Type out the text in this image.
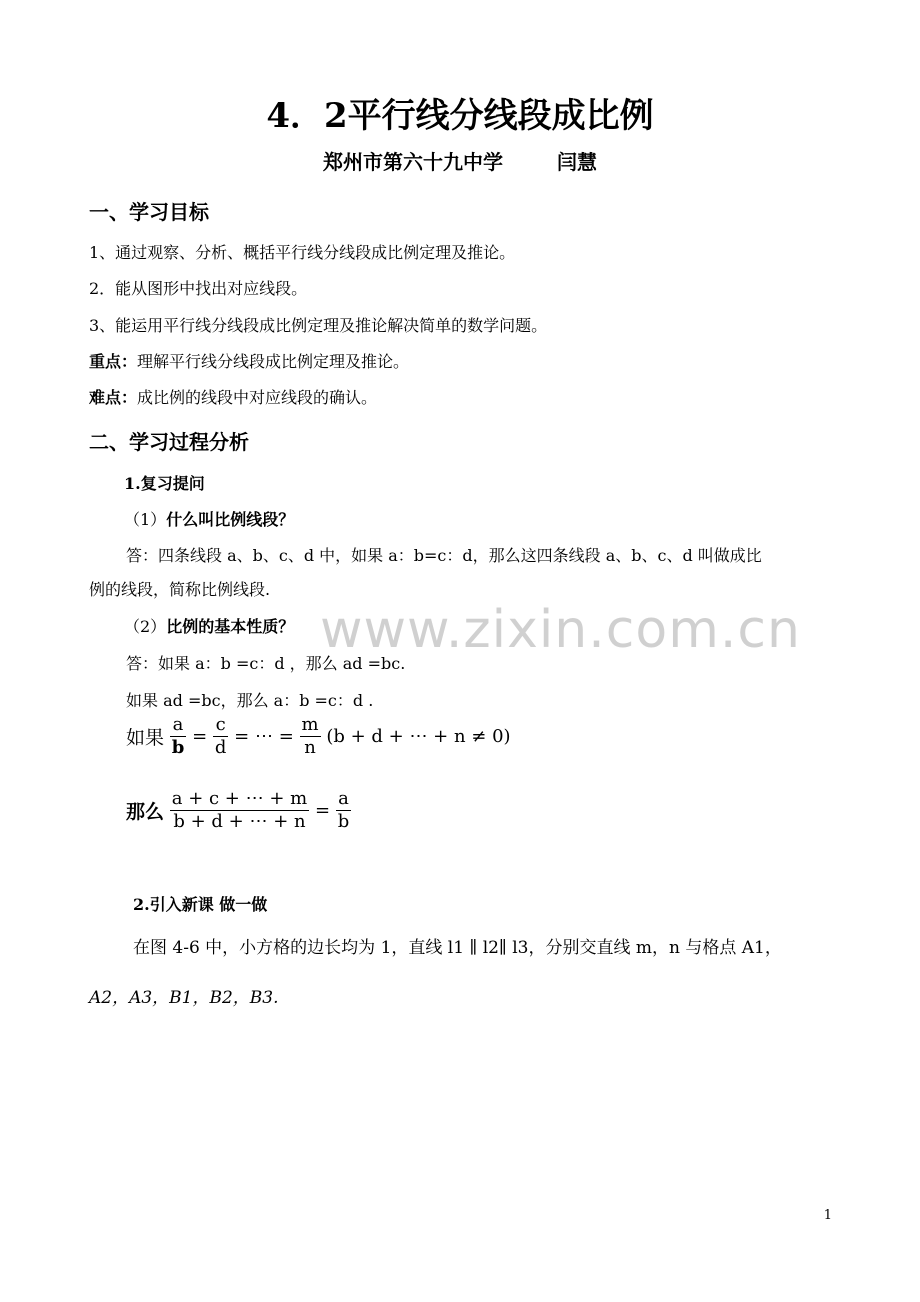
4．2平行线分线段成比例
郑州市第六十九中学	闫慧
一、学习目标
1、通过观察、分析、概括平行线分线段成比例定理及推论。
2．能从图形中找出对应线段。
3、能运用平行线分线段成比例定理及推论解决简单的数学问题。
重点：理解平行线分线段成比例定理及推论。
难点：成比例的线段中对应线段的确认。
二、学习过程分析
1.复习提问
（1）什么叫比例线段？
答：四条线段 a、b、c、d 中，如果 a：b=c：d，那么这四条线段 a、b、c、d 叫做成比
例的线段，简称比例线段.
（2）比例的基本性质？ www.zixin.com.cn
答：如果 a：b =c：d ，那么 ad =bc.
如果 ad =bc，那么 a：b =c：d .
如果 $\frac{a}{b} = \frac{c}{d}$ = ⋯ = $\frac{m}{n} (b + d$ + ⋯ + n ≠ 0)
那么 $\frac{a + c + \cdots + m}{b + d + \cdots + n} = \frac{a}{b}$
2.引入新课 做一做
在图 4-6 中，小方格的边长均为 1，直线 l1 ∥ l2∥ l3，分别交直线 m，n 与格点 A1，
A2，A3，B1，B2，B3.
1
